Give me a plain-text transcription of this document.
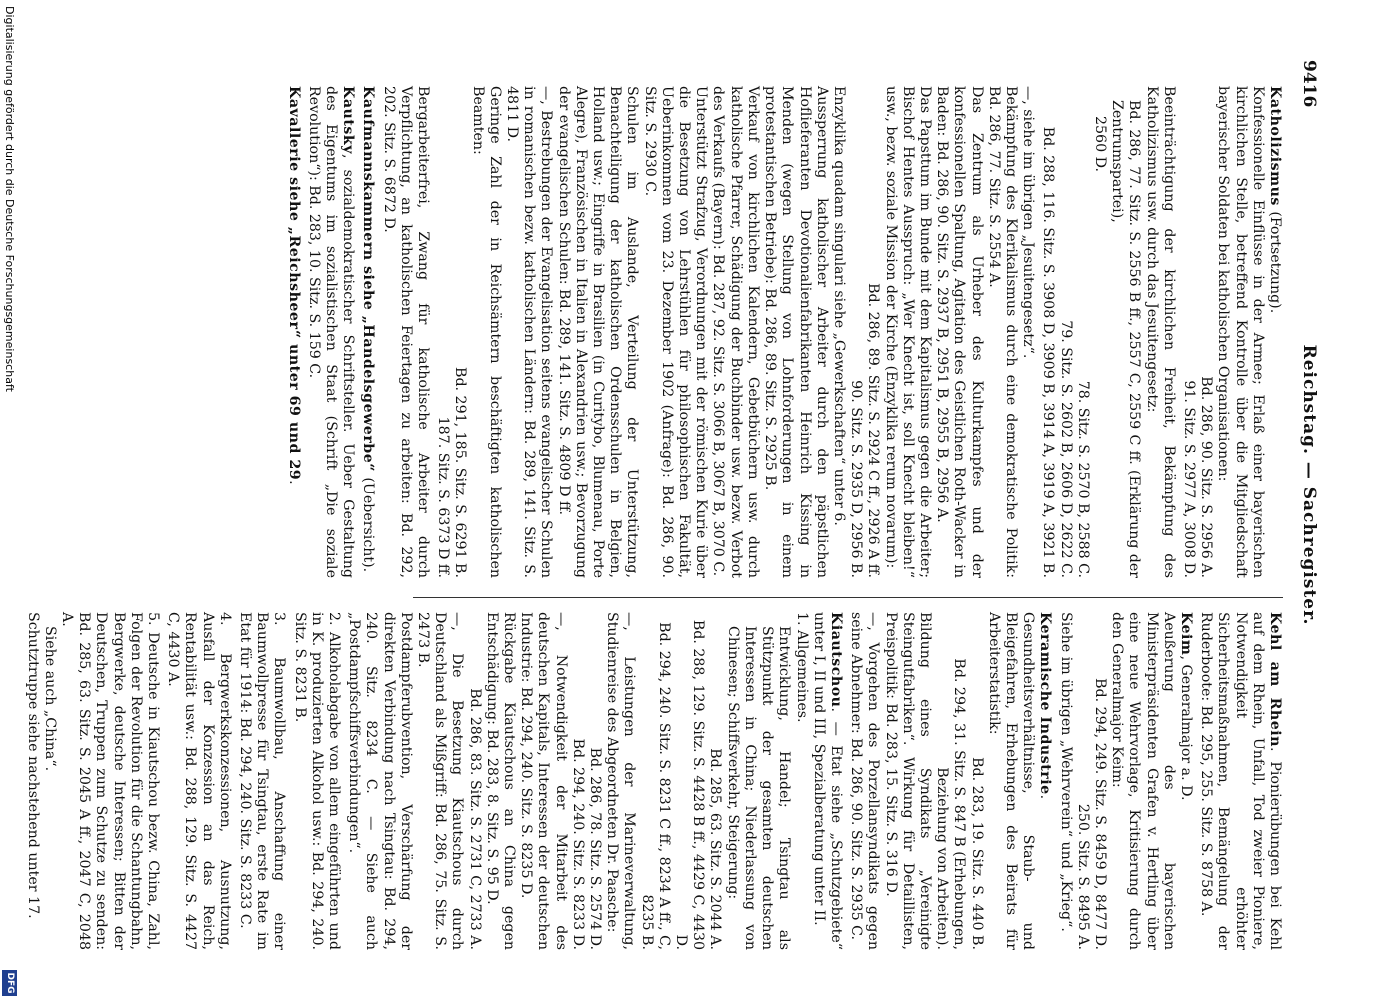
9416
Reichstag. — Sachregister.

Katholizismus (Fortsetzung).

Konfessionelle Einflüsse in der Armee; Erlaß einer bayerischen kirchlichen Stelle, betreffend Kontrolle über die Mitgliedschaft bayerischer Soldaten bei katholischen Organisationen:

Bd. 286, 90. Sitz. S. 2956 A.

91. Sitz. S. 2977 A, 3008 D.

Beeinträchtigung der kirchlichen Freiheit, Bekämpfung des Katholizismus usw. durch das Jesuitengesetz:

Bd. 286, 77. Sitz. S. 2556 B ff., 2557 C, 2559 C ff. (Erklärung der Zentrumspartei),

2560 D.

78. Sitz. S. 2570 B, 2588 C.

79. Sitz. S. 2602 B, 2606 D, 2622 C.

Bd. 288, 116. Sitz. S. 3908 D, 3909 B, 3914 A, 3919 A, 3921 B.

—, siehe im übrigen „Jesuitengesetz“.

Bekämpfung des Klerikalismus durch eine demokratische Politik: Bd. 286, 77. Sitz. S. 2554 A.

Das Zentrum als Urheber des Kulturkampfes und der konfessionellen Spaltung, Agitation des Geistlichen Roth-Wacker in Baden: Bd. 286, 90. Sitz. S. 2937 B, 2951 B, 2955 B, 2956 A.

Das Papsttum im Bunde mit dem Kapitalismus gegen die Arbeiter; Bischof Hentes Ausspruch: „Wer Knecht ist, soll Knecht bleiben!“ usw., bezw. soziale Mission der Kirche (Enzyklika rerum novarum):

Bd. 286, 89. Sitz. S. 2924 C ff., 2926 A ff.

90. Sitz. S. 2935 D, 2956 B.

Enzyklika quadam singulari siehe „Gewerkschaften“ unter 6.

Aussperrung katholischer Arbeiter durch den päpstlichen Hoflieferanten Devotionalienfabrikanten Heinrich Kissing in Menden (wegen Stellung von Lohnforderungen in einem protestantischen Betriebe): Bd. 286, 89. Sitz. S. 2925 B.

Verkauf von kirchlichen Kalendern, Gebetbüchern usw. durch katholische Pfarrer, Schädigung der Buchbinder usw. bezw. Verbot des Verkaufs (Bayern): Bd. 287, 92. Sitz. S. 3066 B, 3067 B, 3070 C.

Unterstützt Strafzug, Verordnungen mit der römischen Kurie über die Besetzung von Lehrstühlen für philosophischen Fakultät, Ueberinkommen vom 23. Dezember 1902 (Anfrage): Bd. 286, 90. Sitz. S. 2930 C.

Schulen im Auslande, Verteilung der Unterstützung, Benachteiligung der katholischen Ordensschulen in Belgien, Holland usw.; Eingriffe in Brasilien (in Curitybo, Blumenau, Porte Alegre), Französischen in Italien in Alexandrien usw.; Bevorzugung der evangelischen Schulen: Bd. 289, 141. Sitz. S. 4809 D ff.

—, Bestrebungen der Evangelisation seitens evangelischer Schulen in romanischen bezw. katholischen Ländern: Bd. 289, 141. Sitz. S. 4811 D.

Geringe Zahl der in Reichsämtern beschäftigten katholischen Beamten:

Bd. 291, 185. Sitz. S. 6291 B.

187. Sitz. S. 6373 D ff.

Bergarbeiterfrei, Zwang für katholische Arbeiter durch Verpflichtung, an katholischen Feiertagen zu arbeiten: Bd. 292, 202. Sitz. S. 6872 D.

Kaufmannskammern siehe „Handelsgewerbe“ (Uebersicht).

Kautsky, sozialdemokratischer Schriftsteller. Ueber Gestaltung des Eigentums im sozialistischen Staat (Schrift „Die soziale Revolution“): Bd. 283, 10. Sitz. S. 159 C.

Kavallerie siehe „Reichsheer“ unter 69 und 29.

Kehl am Rhein. Pionierübungen bei Kehl auf dem Rhein, Unfall, Tod zweier Pioniere, Notwendigkeit erhöhter Sicherheitsmaßnahmen, Bemängelung der Ruderboote: Bd. 295, 255. Sitz. S. 8758 A.

Keim, Generalmajor a. D.

Aeußerung des bayerischen Ministerpräsidenten Grafen v. Hertling über eine neue Wehrvorlage, Kritisierung durch den Generalmajor Keim:

Bd. 294, 249. Sitz. S. 8459 D, 8477 D.

250. Sitz. S. 8495 A.

Siehe im übrigen „Wehrverein“ und „Krieg“.

Keramische Industrie.

Gesundheitsverhältnisse, Staub- und Bleigefahren, Erhebungen des Beirats für Arbeiterstatistik:

Bd. 283, 19. Sitz. S. 440 B.

Bd. 294, 31. Sitz. S. 847 B (Erhebungen, Beziehung von Arbeiten).

Bildung eines Syndikats „Vereinigte Steingutfabriken“. Wirkung für Detaillisten, Preispolitik: Bd. 283, 15. Sitz. S. 316 D.

—, Vorgehen des Porzellansyndikats gegen seine Abnehmer: Bd. 286, 90. Sitz. S. 2935 C.

Kiautschou. — Etat siehe „Schutzgebiete“ unter I, II und III, Spezialberatung unter II.

1. Allgemeines.

Entwicklung, Handel; Tsingtau als Stützpunkt der gesamten deutschen Interessen in China; Niederlassung von Chinesen; Schiffsverkehr, Steigerung:

Bd. 285, 63. Sitz. S. 2044 A.

Bd. 288, 129. Sitz. S. 4428 B ff., 4429 C, 4430 D.

Bd. 294, 240. Sitz. S. 8231 C ff., 8234 A ff., C, 8235 B.

—, Leistungen der Marineverwaltung, Studienreise des Abgeordneten Dr. Paasche:

Bd. 286, 78. Sitz. S. 2574 D.

Bd. 294, 240. Sitz. S. 8233 D.

—, Notwendigkeit der Mitarbeit des deutschen Kapitals, Interessen der deutschen Industrie: Bd. 294, 240. Sitz. S. 8235 D.

Rückgabe Kiautschous an China gegen Entschädigung: Bd. 283, 8. Sitz. S. 95 D.

Bd. 286, 83. Sitz. S. 2731 C, 2733 A.

—, Die Besetzung Kiautschous durch Deutschland als Mißgriff: Bd. 286, 75. Sitz. S. 2473 B.

Postdampferubvention, Verschärfung der direkten Verbindung nach Tsingtau: Bd. 294, 240. Sitz. 8234 C. — Siehe auch „Postdampfschiffsverbindungen“.

2. Alkoholabgabe von allem eingeführten und in K. produzierten Alkohol usw.: Bd. 294, 240. Sitz. S. 8231 B.

3. Baumwollbau, Anschaffung einer Baumwollpresse für Tsingtau, erste Rate im Etat für 1914: Bd. 294, 240. Sitz. S. 8233 C.

4. Bergwerkskonzessionen, Ausnutzung, Ausfall der Konzession an das Reich, Rentabilität usw.: Bd. 288, 129. Sitz. S. 4427 C, 4430 A.

5. Deutsche in Kiautschou bezw. China, Zahl, Folgen der Revolution für die Schantungbahn, Bergwerke, deutsche Interessen; Bitten der Deutschen, Truppen zum Schutze zu senden: Bd. 285, 63. Sitz. S. 2045 A ff., 2047 C, 2048 A.

Siehe auch „China“.

Schutztruppe siehe nachstehend unter 17.

Digitalisierung gefördert durch die Deutsche Forschungsgemeinschaft
DFG
